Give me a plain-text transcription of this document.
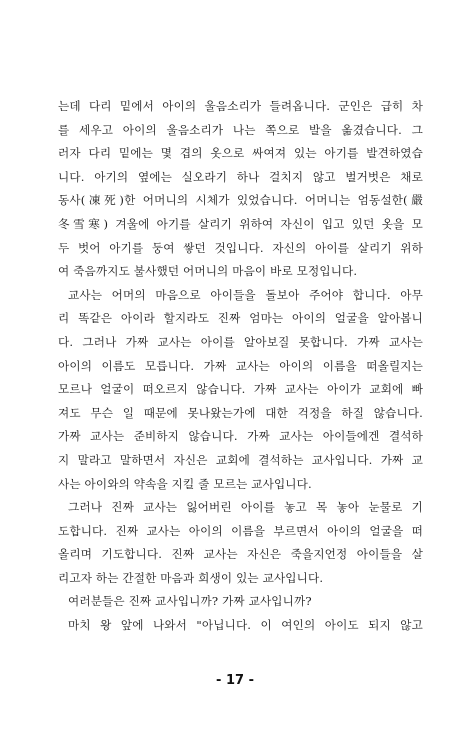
는데 다리 밑에서 아이의 울음소리가 들려옵니다. 군인은 급히 차
를 세우고 아이의 울음소리가 나는 쪽으로 발을 옮겼습니다. 그
러자 다리 밑에는 몇 겹의 옷으로 싸여져 있는 아기를 발견하였습
니다. 아기의 옆에는 실오라기 하나 걸치지 않고 벌거벗은 채로
동사(凍死)한 어머니의 시체가 있었습니다. 어머니는 엄동설한(嚴
冬雪寒) 겨울에 아기를 살리기 위하여 자신이 입고 있던 옷을 모
두 벗어 아기를 둥여 쌓던 것입니다. 자신의 아이를 살리기 위하
여 죽음까지도 불사했던 어머니의 마음이 바로 모정입니다.
교사는 어머의 마음으로 아이들을 돌보아 주어야 합니다. 아무
리 똑같은 아이라 할지라도 진짜 엄마는 아이의 얼굴을 알아봅니
다. 그러나 가짜 교사는 아이를 알아보질 못합니다. 가짜 교사는
아이의 이름도 모릅니다. 가짜 교사는 아이의 이름을 떠올릴지는
모르나 얼굴이 떠오르지 않습니다. 가짜 교사는 아이가 교회에 빠
져도 무슨 일 때문에 못나왔는가에 대한 걱정을 하질 않습니다.
가짜 교사는 준비하지 않습니다. 가짜 교사는 아이들에겐 결석하
지 말라고 말하면서 자신은 교회에 결석하는 교사입니다. 가짜 교
사는 아이와의 약속을 지킬 줄 모르는 교사입니다.
그러나 진짜 교사는 잃어버린 아이를 놓고 목 놓아 눈물로 기
도합니다. 진짜 교사는 아이의 이름을 부르면서 아이의 얼굴을 떠
올리며 기도합니다. 진짜 교사는 자신은 죽을지언정 아이들을 살
리고자 하는 간절한 마음과 희생이 있는 교사입니다.
여러분들은 진짜 교사입니까? 가짜 교사입니까?
마치 왕 앞에 나와서 "아닙니다. 이 여인의 아이도 되지 않고
- 17 -
